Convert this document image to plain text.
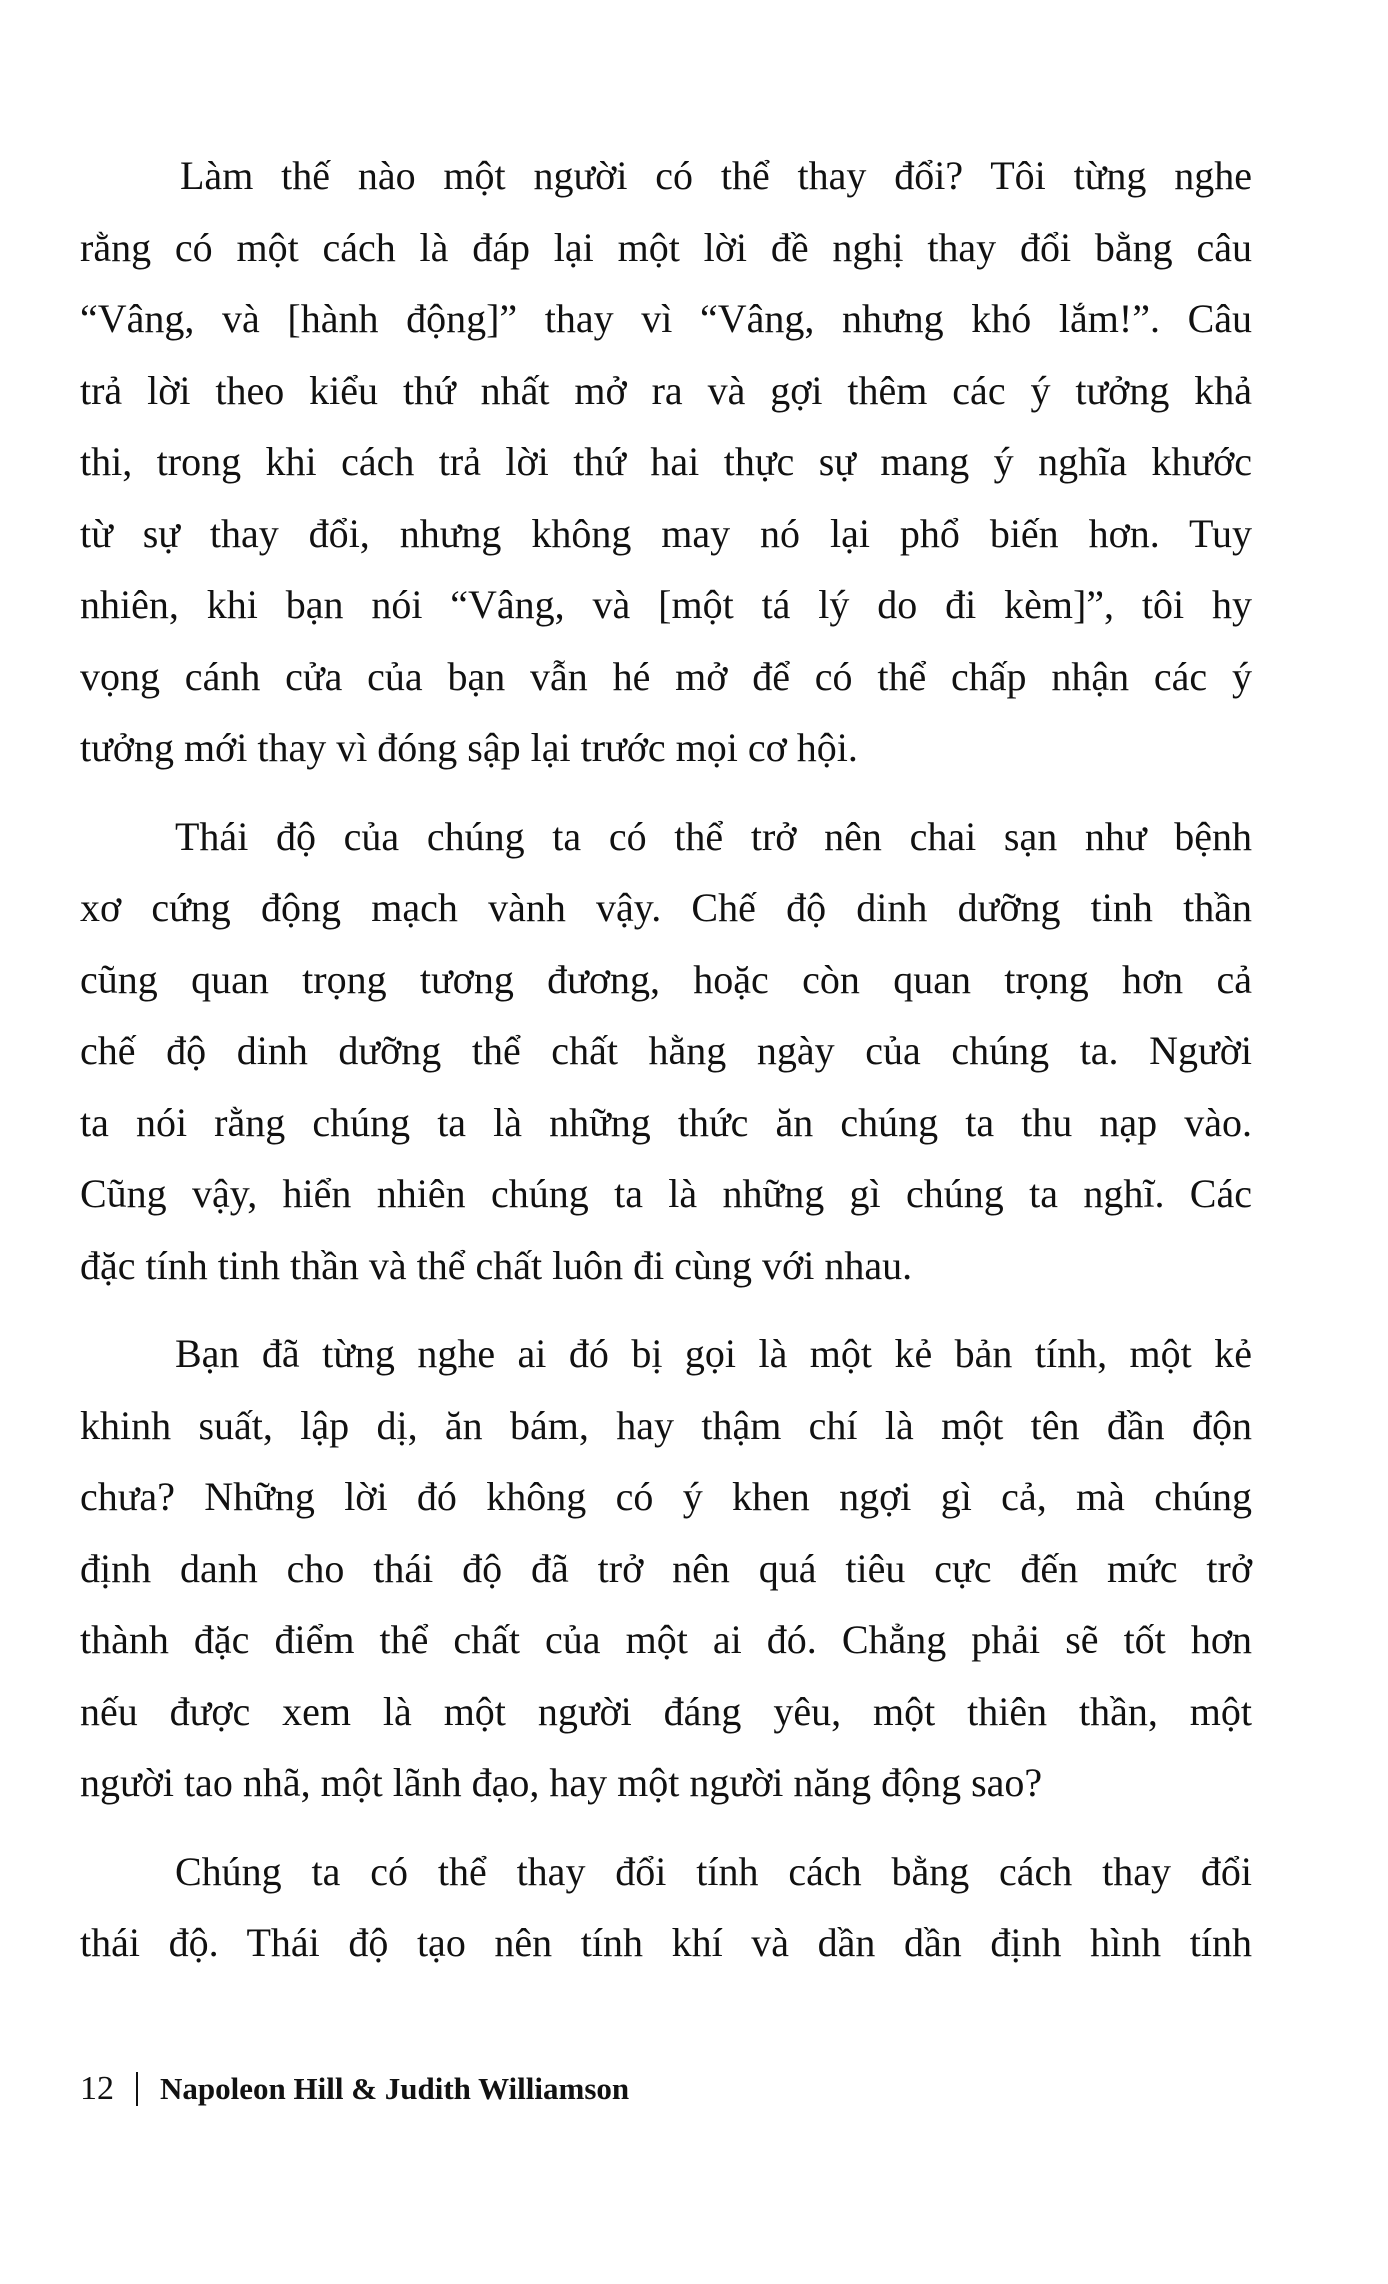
Làm thế nào một người có thể thay đổi? Tôi từng nghe
rằng có một cách là đáp lại một lời đề nghị thay đổi bằng câu
“Vâng, và [hành động]” thay vì “Vâng, nhưng khó lắm!”. Câu
trả lời theo kiểu thứ nhất mở ra và gợi thêm các ý tưởng khả
thi, trong khi cách trả lời thứ hai thực sự mang ý nghĩa khước
từ sự thay đổi, nhưng không may nó lại phổ biến hơn. Tuy
nhiên, khi bạn nói “Vâng, và [một tá lý do đi kèm]”, tôi hy
vọng cánh cửa của bạn vẫn hé mở để có thể chấp nhận các ý
tưởng mới thay vì đóng sập lại trước mọi cơ hội.
Thái độ của chúng ta có thể trở nên chai sạn như bệnh
xơ cứng động mạch vành vậy. Chế độ dinh dưỡng tinh thần
cũng quan trọng tương đương, hoặc còn quan trọng hơn cả
chế độ dinh dưỡng thể chất hằng ngày của chúng ta. Người
ta nói rằng chúng ta là những thức ăn chúng ta thu nạp vào.
Cũng vậy, hiển nhiên chúng ta là những gì chúng ta nghĩ. Các
đặc tính tinh thần và thể chất luôn đi cùng với nhau.
Bạn đã từng nghe ai đó bị gọi là một kẻ bản tính, một kẻ
khinh suất, lập dị, ăn bám, hay thậm chí là một tên đần độn
chưa? Những lời đó không có ý khen ngợi gì cả, mà chúng
định danh cho thái độ đã trở nên quá tiêu cực đến mức trở
thành đặc điểm thể chất của một ai đó. Chẳng phải sẽ tốt hơn
nếu được xem là một người đáng yêu, một thiên thần, một
người tao nhã, một lãnh đạo, hay một người năng động sao?
Chúng ta có thể thay đổi tính cách bằng cách thay đổi
thái độ. Thái độ tạo nên tính khí và dần dần định hình tính
12 Napoleon Hill & Judith Williamson
